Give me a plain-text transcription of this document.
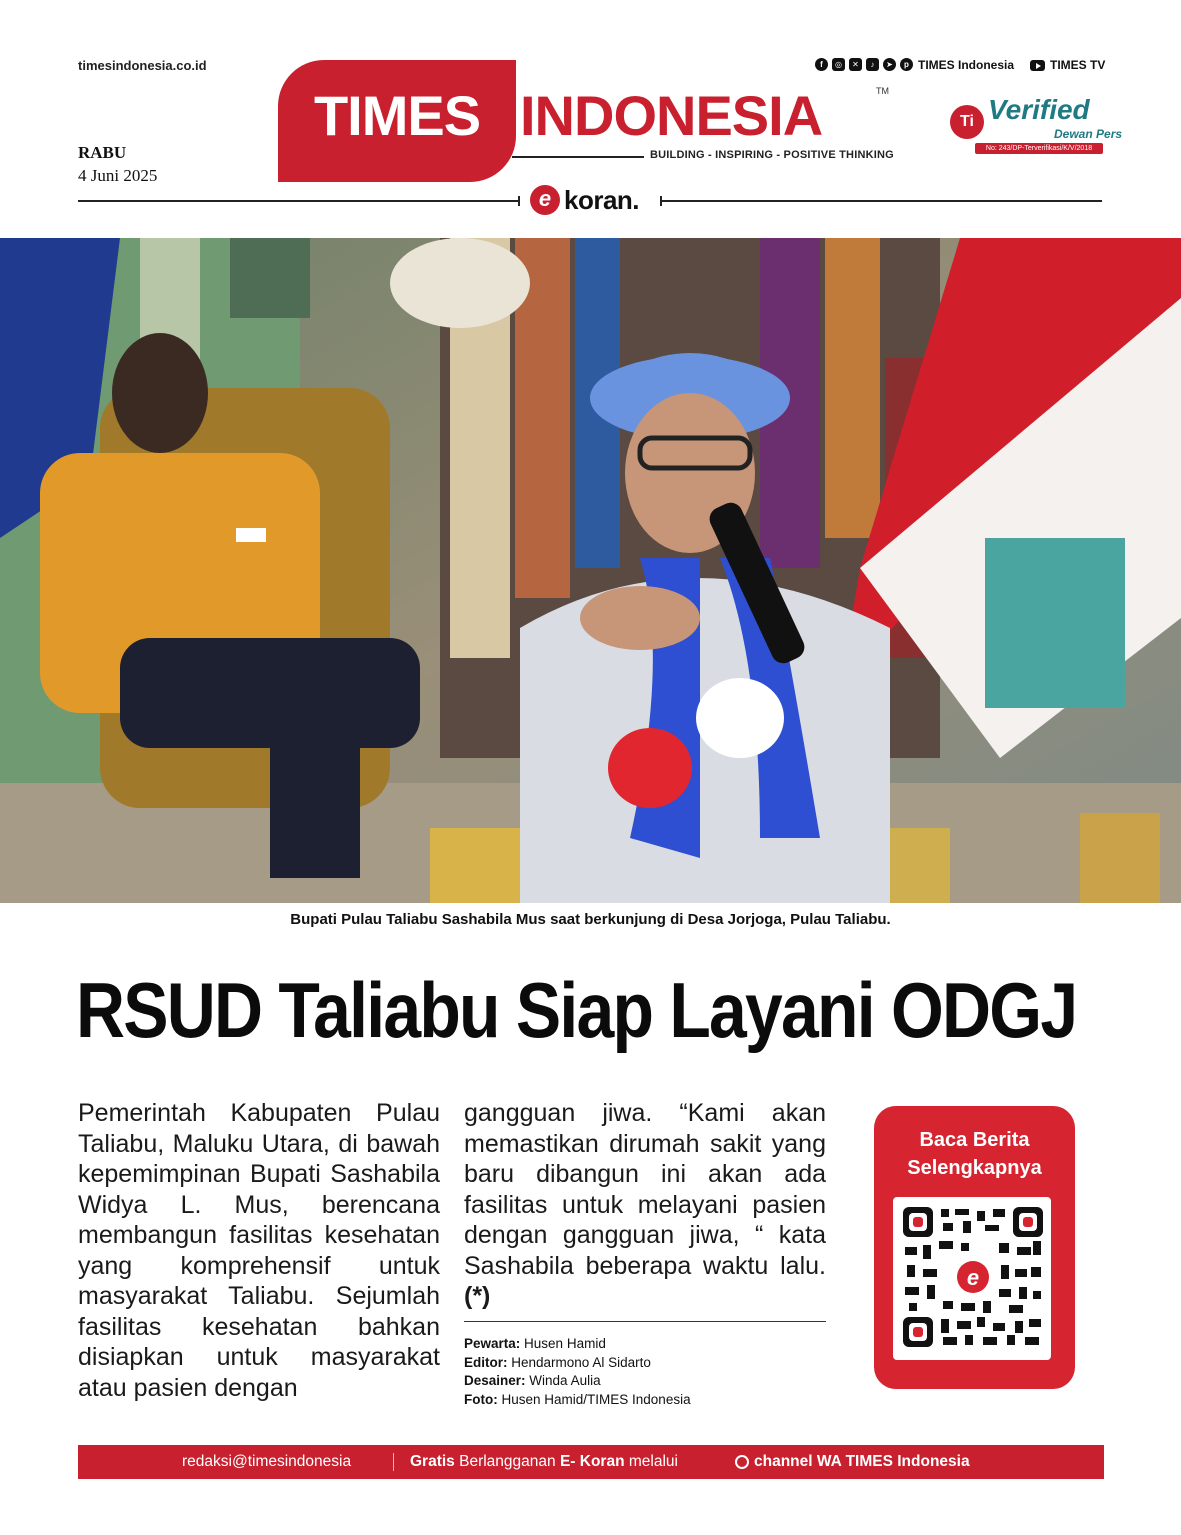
timesindonesia.co.id
RABU
4 Juni 2025
TIMES INDONESIA	TM
BUILDING - INSPIRING - POSITIVE THINKING
f	◎	✕	♪	➤	p TIMES Indonesia	TIMES TV
Ti Verified
Dewan Pers
No: 243/DP-Terverifikasi/K/V/2018
e koran.
Bupati Pulau Taliabu Sashabila Mus saat berkunjung di Desa Jorjoga, Pulau Taliabu.
RSUD Taliabu Siap Layani ODGJ

Pemerintah Kabupaten Pulau Taliabu, Maluku Utara, di bawah kepemimpinan Bupati Sashabila Widya L. Mus, berencana membangun fasilitas kesehatan yang komprehensif untuk masyarakat Taliabu. Sejumlah fasilitas kesehatan bahkan disiapkan untuk masyarakat atau pasien dengan

gangguan jiwa. “Kami akan memastikan dirumah sakit yang baru dibangun ini akan ada fasilitas untuk melayani pasien dengan gangguan jiwa, “ kata Sashabila beberapa waktu lalu.(*)

Pewarta: Husen Hamid
Editor: Hendarmono Al Sidarto
Desainer: Winda Aulia
Foto: Husen Hamid/TIMES Indonesia
Baca Berita
Selengkapnya
e
redaksi@timesindonesia	Gratis Berlangganan E- Koran melalui	channel WA TIMES Indonesia
